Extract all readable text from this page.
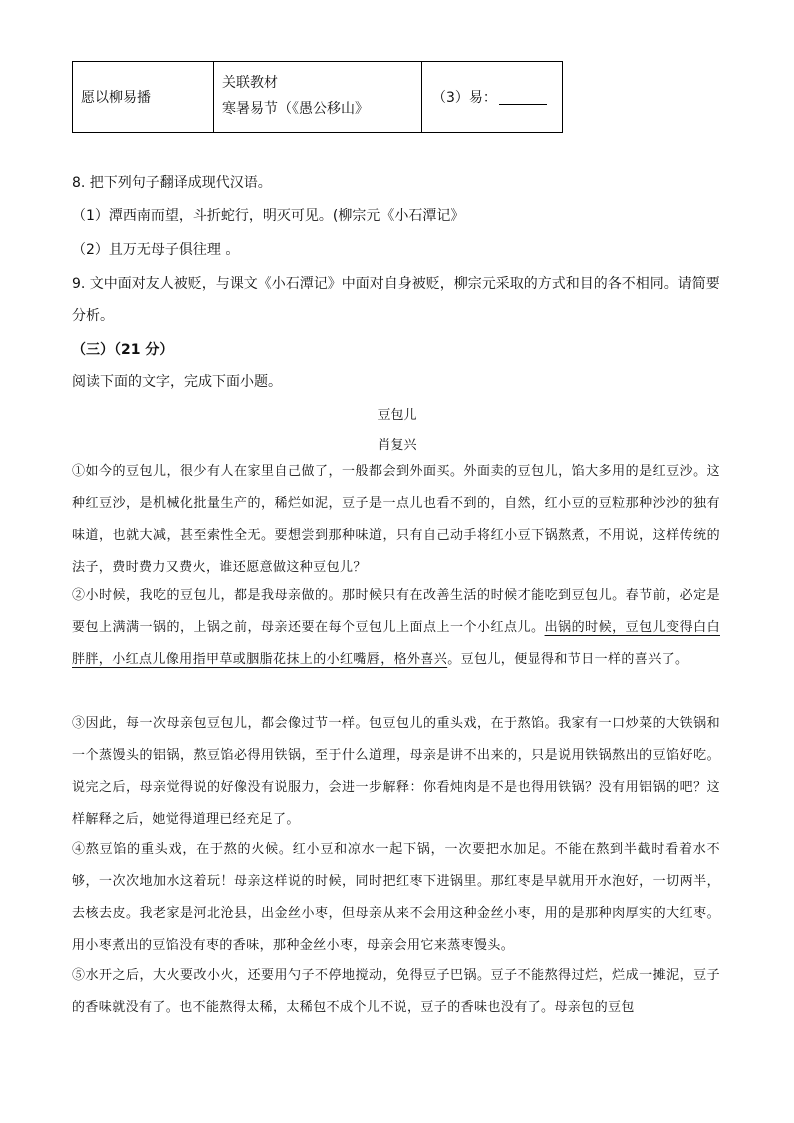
愿以柳易播
关联教材
寒暑易节（《愚公移山》
（3）易：
8. 把下列句子翻译成现代汉语。
（1）潭西南而望，斗折蛇行，明灭可见。(柳宗元《小石潭记》
（2）且万无母子俱往理 。
9. 文中面对友人被贬，与课文《小石潭记》中面对自身被贬，柳宗元采取的方式和目的各不相同。请简要分析。
（三）（21 分）
阅读下面的文字，完成下面小题。
豆包儿
肖复兴
①如今的豆包儿，很少有人在家里自己做了，一般都会到外面买。外面卖的豆包儿，馅大多用的是红豆沙。这种红豆沙，是机械化批量生产的，稀烂如泥，豆子是一点儿也看不到的，自然，红小豆的豆粒那种沙沙的独有味道，也就大减，甚至索性全无。要想尝到那种味道，只有自己动手将红小豆下锅熬煮，不用说，这样传统的法子，费时费力又费火，谁还愿意做这种豆包儿？
②小时候，我吃的豆包儿，都是我母亲做的。那时候只有在改善生活的时候才能吃到豆包儿。春节前，必定是要包上满满一锅的，上锅之前，母亲还要在每个豆包儿上面点上一个小红点儿。出锅的时候，豆包儿变得白白胖胖，小红点儿像用指甲草或胭脂花抹上的小红嘴唇，格外喜兴。豆包儿，便显得和节日一样的喜兴了。
③因此，每一次母亲包豆包儿，都会像过节一样。包豆包儿的重头戏，在于熬馅。我家有一口炒菜的大铁锅和一个蒸馒头的铝锅，熬豆馅必得用铁锅，至于什么道理，母亲是讲不出来的，只是说用铁锅熬出的豆馅好吃。说完之后，母亲觉得说的好像没有说服力，会进一步解释：你看炖肉是不是也得用铁锅？没有用铝锅的吧？这样解释之后，她觉得道理已经充足了。
④熬豆馅的重头戏，在于熬的火候。红小豆和凉水一起下锅，一次要把水加足。不能在熬到半截时看着水不够，一次次地加水这着玩！母亲这样说的时候，同时把红枣下进锅里。那红枣是早就用开水泡好，一切两半，去核去皮。我老家是河北沧县，出金丝小枣，但母亲从来不会用这种金丝小枣，用的是那种肉厚实的大红枣。用小枣煮出的豆馅没有枣的香味，那种金丝小枣，母亲会用它来蒸枣馒头。
⑤水开之后，大火要改小火，还要用勺子不停地搅动，免得豆子巴锅。豆子不能熬得过烂，烂成一摊泥，豆子的香味就没有了。也不能熬得太稀，太稀包不成个儿不说，豆子的香味也没有了。母亲包的豆包
